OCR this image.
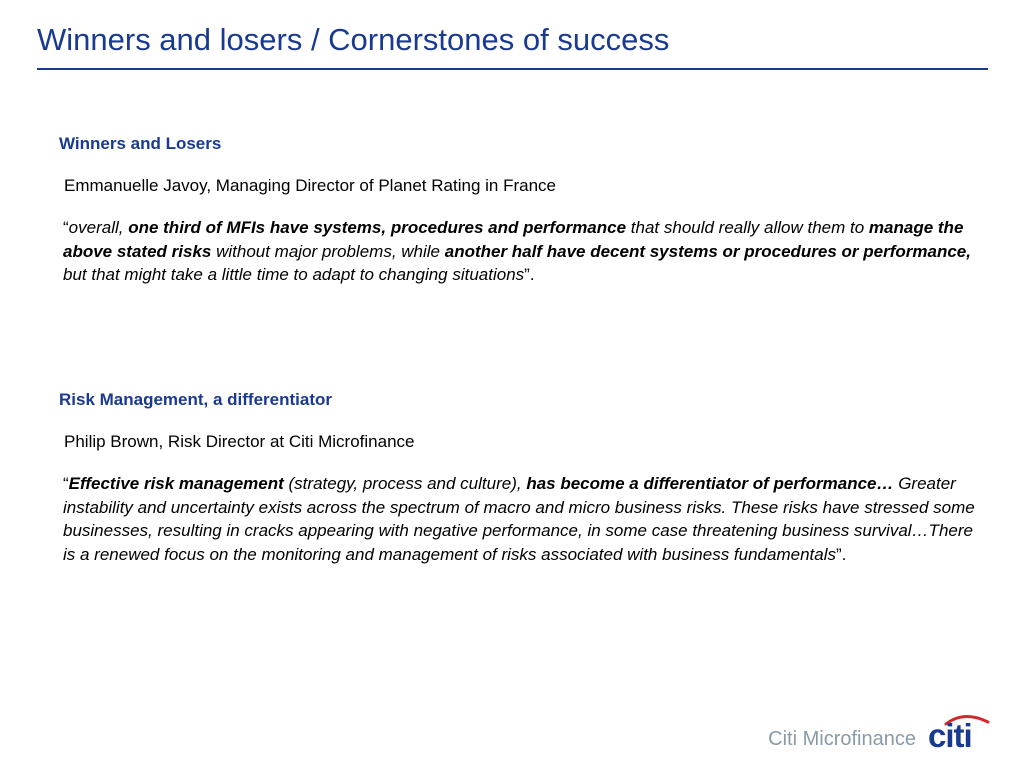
Winners and losers / Cornerstones of success
Winners and Losers
Emmanuelle Javoy, Managing Director of Planet Rating in France
“overall, one third of MFIs have systems, procedures and performance that should really allow them to manage the above stated risks without major problems, while another half have decent systems or procedures or performance, but that might take a little time to adapt to changing situations”.
Risk Management, a differentiator
Philip Brown, Risk Director at Citi Microfinance
“Effective risk management (strategy, process and culture), has become a differentiator of performance… Greater instability and uncertainty exists across the spectrum of macro and micro business risks. These risks have stressed some businesses, resulting in cracks appearing with negative performance, in some case threatening business survival…There is a renewed focus on the monitoring and management of risks associated with business fundamentals”.
Citi Microfinance citi
